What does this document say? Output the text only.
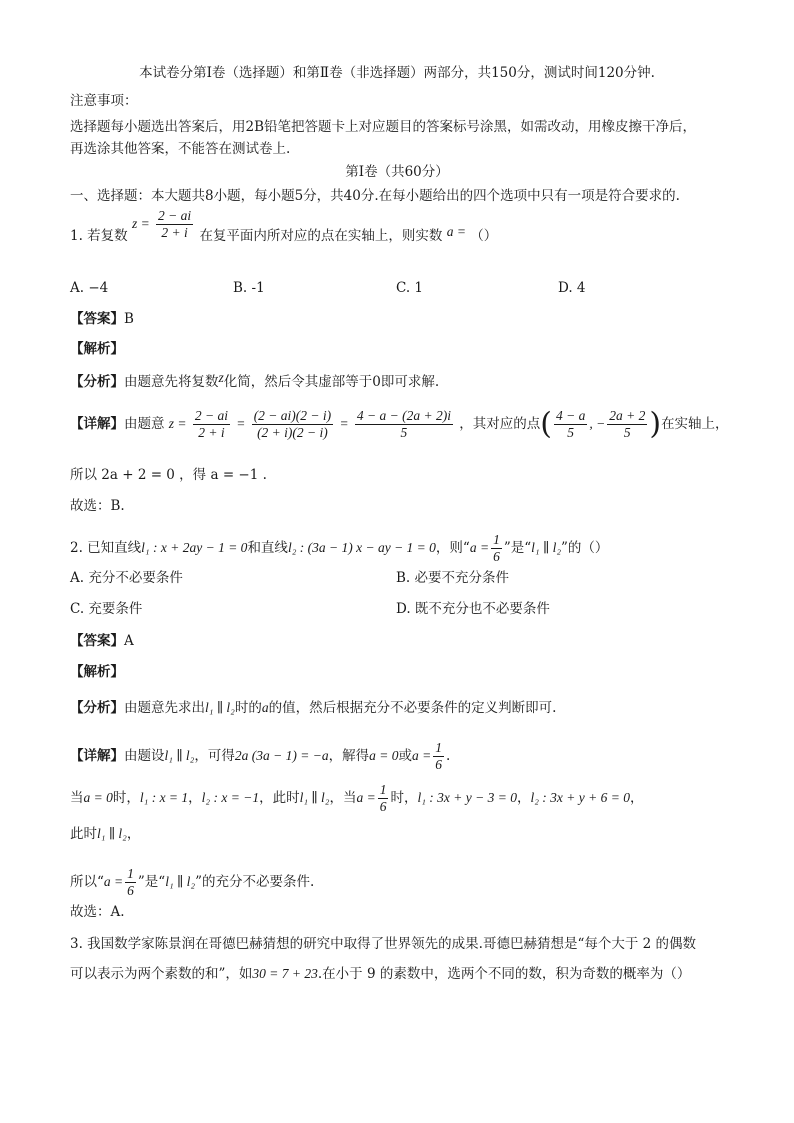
本试卷分第Ⅰ卷（选择题）和第Ⅱ卷（非选择题）两部分，共150分，测试时间120分钟.
注意事项：
选择题每小题选出答案后，用2B铅笔把答题卡上对应题目的答案标号涂黑，如需改动，用橡皮擦干净后，
再选涂其他答案，不能答在测试卷上.
第Ⅰ卷（共60分）
一、选择题：本大题共8小题，每小题5分，共40分.在每小题给出的四个选项中只有一项是符合要求的.
1. 若复数 $z = \frac{2 - ai}{2 + i}$ 在复平面内所对应的点在实轴上，则实数 a = （）
A. −4	B. -1	C. 1	D. 4
【答案】B
【解析】
【分析】由题意先将复数z化简，然后令其虚部等于0即可求解.
【详解】由题意 $z = \frac{2 - ai}{2 + i} = \frac{(2 - ai)(2 - i)}{(2 + i)(2 - i)} = \frac{4 - a - (2a + 2)i}{5}$ ，其对应的点( $\frac{4 - a}{5}$ , − $\frac{2a + 2}{5}$ )在实轴上，
所以 2a + 2 = 0 ，得 a = −1 .
故选：B.
2. 已知直线l₁ : x + 2ay − 1 = 0和直线l₂ : (3a − 1) x − ay − 1 = 0，则“$a = \frac{1}{6}$ ”是“l₁ ∥ l₂”的（）
A. 充分不必要条件	B. 必要不充分条件
C. 充要条件	D. 既不充分也不必要条件
【答案】A
【解析】
【分析】由题意先求出l₁ ∥ l₂时的a的值，然后根据充分不必要条件的定义判断即可.
【详解】由题设l₁ ∥ l₂，可得2a (3a − 1) = −a，解得a = 0或$a = \frac{1}{6}$ .
当a = 0时，l₁ : x = 1，l₂ : x = −1，此时l₁ ∥ l₂，当$a = \frac{1}{6}$ 时，l₁ : 3x + y − 3 = 0，l₂ : 3x + y + 6 = 0，
此时l₁ ∥ l₂，
所以“$a = \frac{1}{6}$ ”是“l₁ ∥ l₂”的充分不必要条件.
故选：A.
3. 我国数学家陈景润在哥德巴赫猜想的研究中取得了世界领先的成果.哥德巴赫猜想是“每个大于 2 的偶数
可以表示为两个素数的和”，如30 = 7 + 23.在小于 9 的素数中，选两个不同的数，积为奇数的概率为（）
